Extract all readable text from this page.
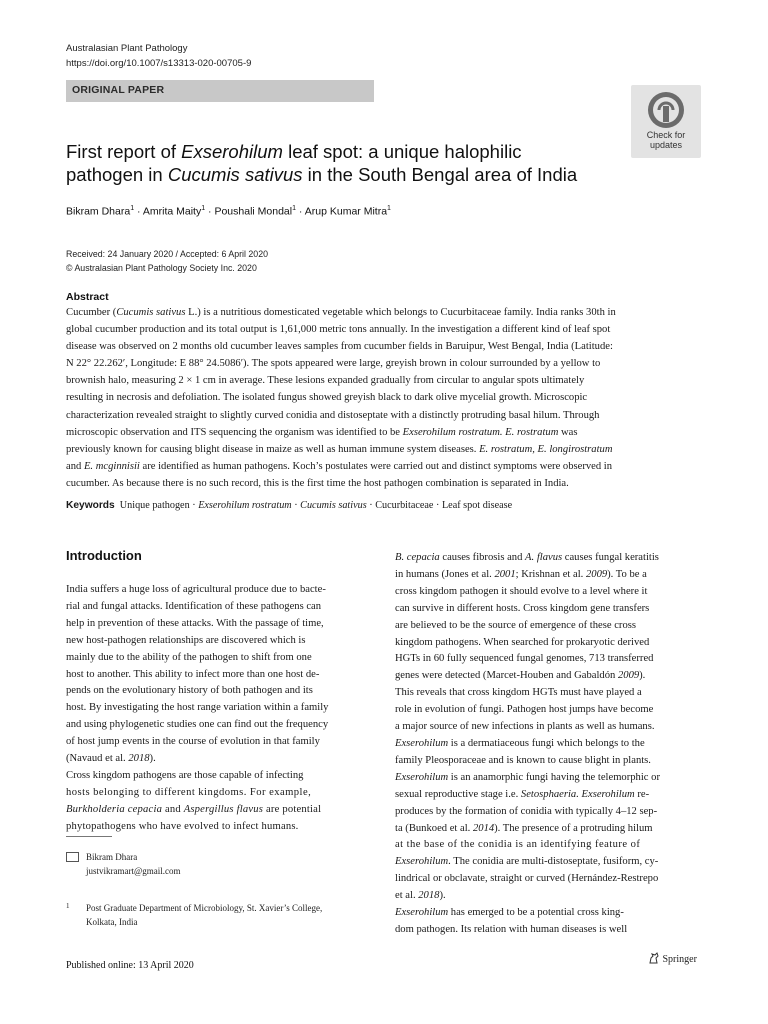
Australasian Plant Pathology
https://doi.org/10.1007/s13313-020-00705-9
ORIGINAL PAPER
Check for
updates
First report of Exserohilum leaf spot: a unique halophilic
pathogen in Cucumis sativus in the South Bengal area of India
Bikram Dhara$^1$ · Amrita Maity$^1$ · Poushali Mondal$^1$ · Arup Kumar Mitra$^1$
Received: 24 January 2020 / Accepted: 6 April 2020
© Australasian Plant Pathology Society Inc. 2020
Abstract
Cucumber (Cucumis sativus L.) is a nutritious domesticated vegetable which belongs to Cucurbitaceae family. India ranks 30th in
global cucumber production and its total output is 1,61,000 metric tons annually. In the investigation a different kind of leaf spot
disease was observed on 2 months old cucumber leaves samples from cucumber fields in Baruipur, West Bengal, India (Latitude:
N 22° 22.262′, Longitude: E 88° 24.5086′). The spots appeared were large, greyish brown in colour surrounded by a yellow to
brownish halo, measuring 2 × 1 cm in average. These lesions expanded gradually from circular to angular spots ultimately
resulting in necrosis and defoliation. The isolated fungus showed greyish black to dark olive mycelial growth. Microscopic
characterization revealed straight to slightly curved conidia and distoseptate with a distinctly protruding basal hilum. Through
microscopic observation and ITS sequencing the organism was identified to be Exserohilum rostratum. E. rostratum was
previously known for causing blight disease in maize as well as human immune system diseases. E. rostratum, E. longirostratum
and E. mcginnisii are identified as human pathogens. Koch’s postulates were carried out and distinct symptoms were observed in
cucumber. As because there is no such record, this is the first time the host pathogen combination is separated in India.
Keywords Unique pathogen · Exserohilum rostratum · Cucumis sativus · Cucurbitaceae · Leaf spot disease
Introduction
India suffers a huge loss of agricultural produce due to bacte-
rial and fungal attacks. Identification of these pathogens can
help in prevention of these attacks. With the passage of time,
new host-pathogen relationships are discovered which is
mainly due to the ability of the pathogen to shift from one
host to another. This ability to infect more than one host de-
pends on the evolutionary history of both pathogen and its
host. By investigating the host range variation within a family
and using phylogenetic studies one can find out the frequency
of host jump events in the course of evolution in that family
(Navaud et al. 2018).
Cross kingdom pathogens are those capable of infecting
hosts belonging to different kingdoms. For example,
Burkholderia cepacia and Aspergillus flavus are potential
phytopathogens who have evolved to infect humans.
B. cepacia causes fibrosis and A. flavus causes fungal keratitis
in humans (Jones et al. 2001; Krishnan et al. 2009). To be a
cross kingdom pathogen it should evolve to a level where it
can survive in different hosts. Cross kingdom gene transfers
are believed to be the source of emergence of these cross
kingdom pathogens. When searched for prokaryotic derived
HGTs in 60 fully sequenced fungal genomes, 713 transferred
genes were detected (Marcet-Houben and Gabaldón 2009).
This reveals that cross kingdom HGTs must have played a
role in evolution of fungi. Pathogen host jumps have become
a major source of new infections in plants as well as humans.
Exserohilum is a dermatiaceous fungi which belongs to the
family Pleosporaceae and is known to cause blight in plants.
Exserohilum is an anamorphic fungi having the telemorphic or
sexual reproductive stage i.e. Setosphaeria. Exserohilum re-
produces by the formation of conidia with typically 4–12 sep-
ta (Bunkoed et al. 2014). The presence of a protruding hilum
at the base of the conidia is an identifying feature of
Exserohilum. The conidia are multi-distoseptate, fusiform, cy-
lindrical or obclavate, straight or curved (Hernández-Restrepo
et al. 2018).
Exserohilum has emerged to be a potential cross king-
dom pathogen. Its relation with human diseases is well
Bikram Dhara
justvikramart@gmail.com
1 Post Graduate Department of Microbiology, St. Xavier’s College,
Kolkata, India
Published online: 13 April 2020
Springer
